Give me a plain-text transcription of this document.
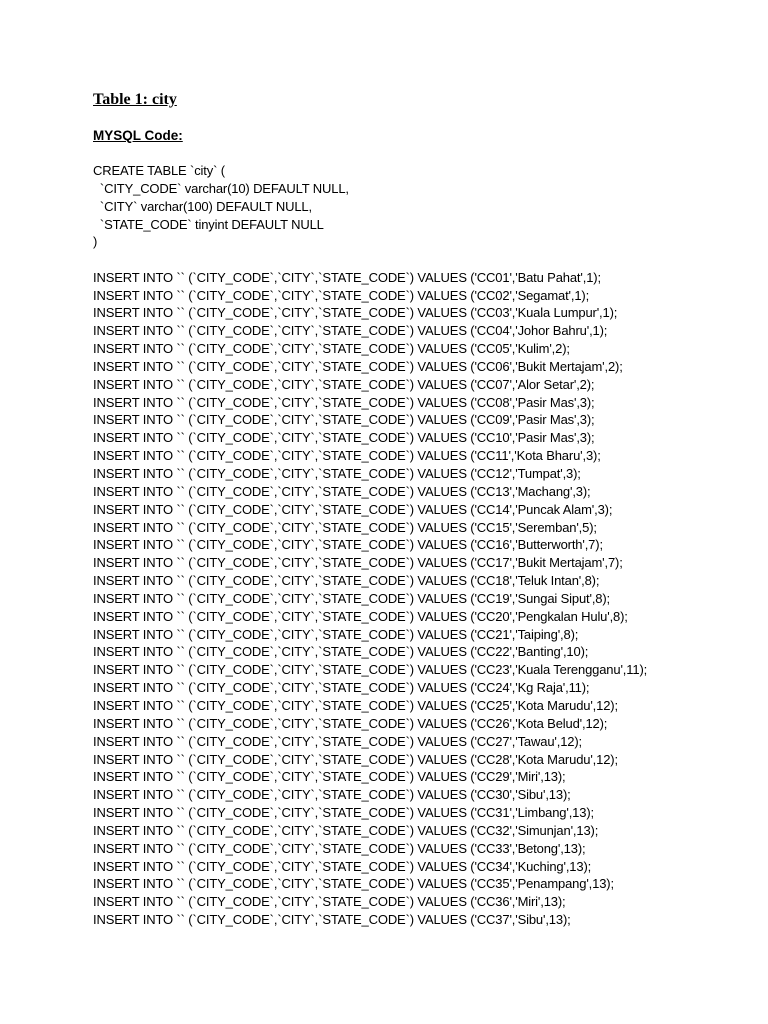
Table 1: city
MYSQL Code:
CREATE TABLE `city` (
`CITY_CODE` varchar(10) DEFAULT NULL,
`CITY` varchar(100) DEFAULT NULL,
`STATE_CODE` tinyint DEFAULT NULL
)
INSERT INTO `` (`CITY_CODE`,`CITY`,`STATE_CODE`) VALUES ('CC01','Batu Pahat',1);
INSERT INTO `` (`CITY_CODE`,`CITY`,`STATE_CODE`) VALUES ('CC02','Segamat',1);
INSERT INTO `` (`CITY_CODE`,`CITY`,`STATE_CODE`) VALUES ('CC03','Kuala Lumpur',1);
INSERT INTO `` (`CITY_CODE`,`CITY`,`STATE_CODE`) VALUES ('CC04','Johor Bahru',1);
INSERT INTO `` (`CITY_CODE`,`CITY`,`STATE_CODE`) VALUES ('CC05','Kulim',2);
INSERT INTO `` (`CITY_CODE`,`CITY`,`STATE_CODE`) VALUES ('CC06','Bukit Mertajam',2);
INSERT INTO `` (`CITY_CODE`,`CITY`,`STATE_CODE`) VALUES ('CC07','Alor Setar',2);
INSERT INTO `` (`CITY_CODE`,`CITY`,`STATE_CODE`) VALUES ('CC08','Pasir Mas',3);
INSERT INTO `` (`CITY_CODE`,`CITY`,`STATE_CODE`) VALUES ('CC09','Pasir Mas',3);
INSERT INTO `` (`CITY_CODE`,`CITY`,`STATE_CODE`) VALUES ('CC10','Pasir Mas',3);
INSERT INTO `` (`CITY_CODE`,`CITY`,`STATE_CODE`) VALUES ('CC11','Kota Bharu',3);
INSERT INTO `` (`CITY_CODE`,`CITY`,`STATE_CODE`) VALUES ('CC12','Tumpat',3);
INSERT INTO `` (`CITY_CODE`,`CITY`,`STATE_CODE`) VALUES ('CC13','Machang',3);
INSERT INTO `` (`CITY_CODE`,`CITY`,`STATE_CODE`) VALUES ('CC14','Puncak Alam',3);
INSERT INTO `` (`CITY_CODE`,`CITY`,`STATE_CODE`) VALUES ('CC15','Seremban',5);
INSERT INTO `` (`CITY_CODE`,`CITY`,`STATE_CODE`) VALUES ('CC16','Butterworth',7);
INSERT INTO `` (`CITY_CODE`,`CITY`,`STATE_CODE`) VALUES ('CC17','Bukit Mertajam',7);
INSERT INTO `` (`CITY_CODE`,`CITY`,`STATE_CODE`) VALUES ('CC18','Teluk Intan',8);
INSERT INTO `` (`CITY_CODE`,`CITY`,`STATE_CODE`) VALUES ('CC19','Sungai Siput',8);
INSERT INTO `` (`CITY_CODE`,`CITY`,`STATE_CODE`) VALUES ('CC20','Pengkalan Hulu',8);
INSERT INTO `` (`CITY_CODE`,`CITY`,`STATE_CODE`) VALUES ('CC21','Taiping',8);
INSERT INTO `` (`CITY_CODE`,`CITY`,`STATE_CODE`) VALUES ('CC22','Banting',10);
INSERT INTO `` (`CITY_CODE`,`CITY`,`STATE_CODE`) VALUES ('CC23','Kuala Terengganu',11);
INSERT INTO `` (`CITY_CODE`,`CITY`,`STATE_CODE`) VALUES ('CC24','Kg Raja',11);
INSERT INTO `` (`CITY_CODE`,`CITY`,`STATE_CODE`) VALUES ('CC25','Kota Marudu',12);
INSERT INTO `` (`CITY_CODE`,`CITY`,`STATE_CODE`) VALUES ('CC26','Kota Belud',12);
INSERT INTO `` (`CITY_CODE`,`CITY`,`STATE_CODE`) VALUES ('CC27','Tawau',12);
INSERT INTO `` (`CITY_CODE`,`CITY`,`STATE_CODE`) VALUES ('CC28','Kota Marudu',12);
INSERT INTO `` (`CITY_CODE`,`CITY`,`STATE_CODE`) VALUES ('CC29','Miri',13);
INSERT INTO `` (`CITY_CODE`,`CITY`,`STATE_CODE`) VALUES ('CC30','Sibu',13);
INSERT INTO `` (`CITY_CODE`,`CITY`,`STATE_CODE`) VALUES ('CC31','Limbang',13);
INSERT INTO `` (`CITY_CODE`,`CITY`,`STATE_CODE`) VALUES ('CC32','Simunjan',13);
INSERT INTO `` (`CITY_CODE`,`CITY`,`STATE_CODE`) VALUES ('CC33','Betong',13);
INSERT INTO `` (`CITY_CODE`,`CITY`,`STATE_CODE`) VALUES ('CC34','Kuching',13);
INSERT INTO `` (`CITY_CODE`,`CITY`,`STATE_CODE`) VALUES ('CC35','Penampang',13);
INSERT INTO `` (`CITY_CODE`,`CITY`,`STATE_CODE`) VALUES ('CC36','Miri',13);
INSERT INTO `` (`CITY_CODE`,`CITY`,`STATE_CODE`) VALUES ('CC37','Sibu',13);
